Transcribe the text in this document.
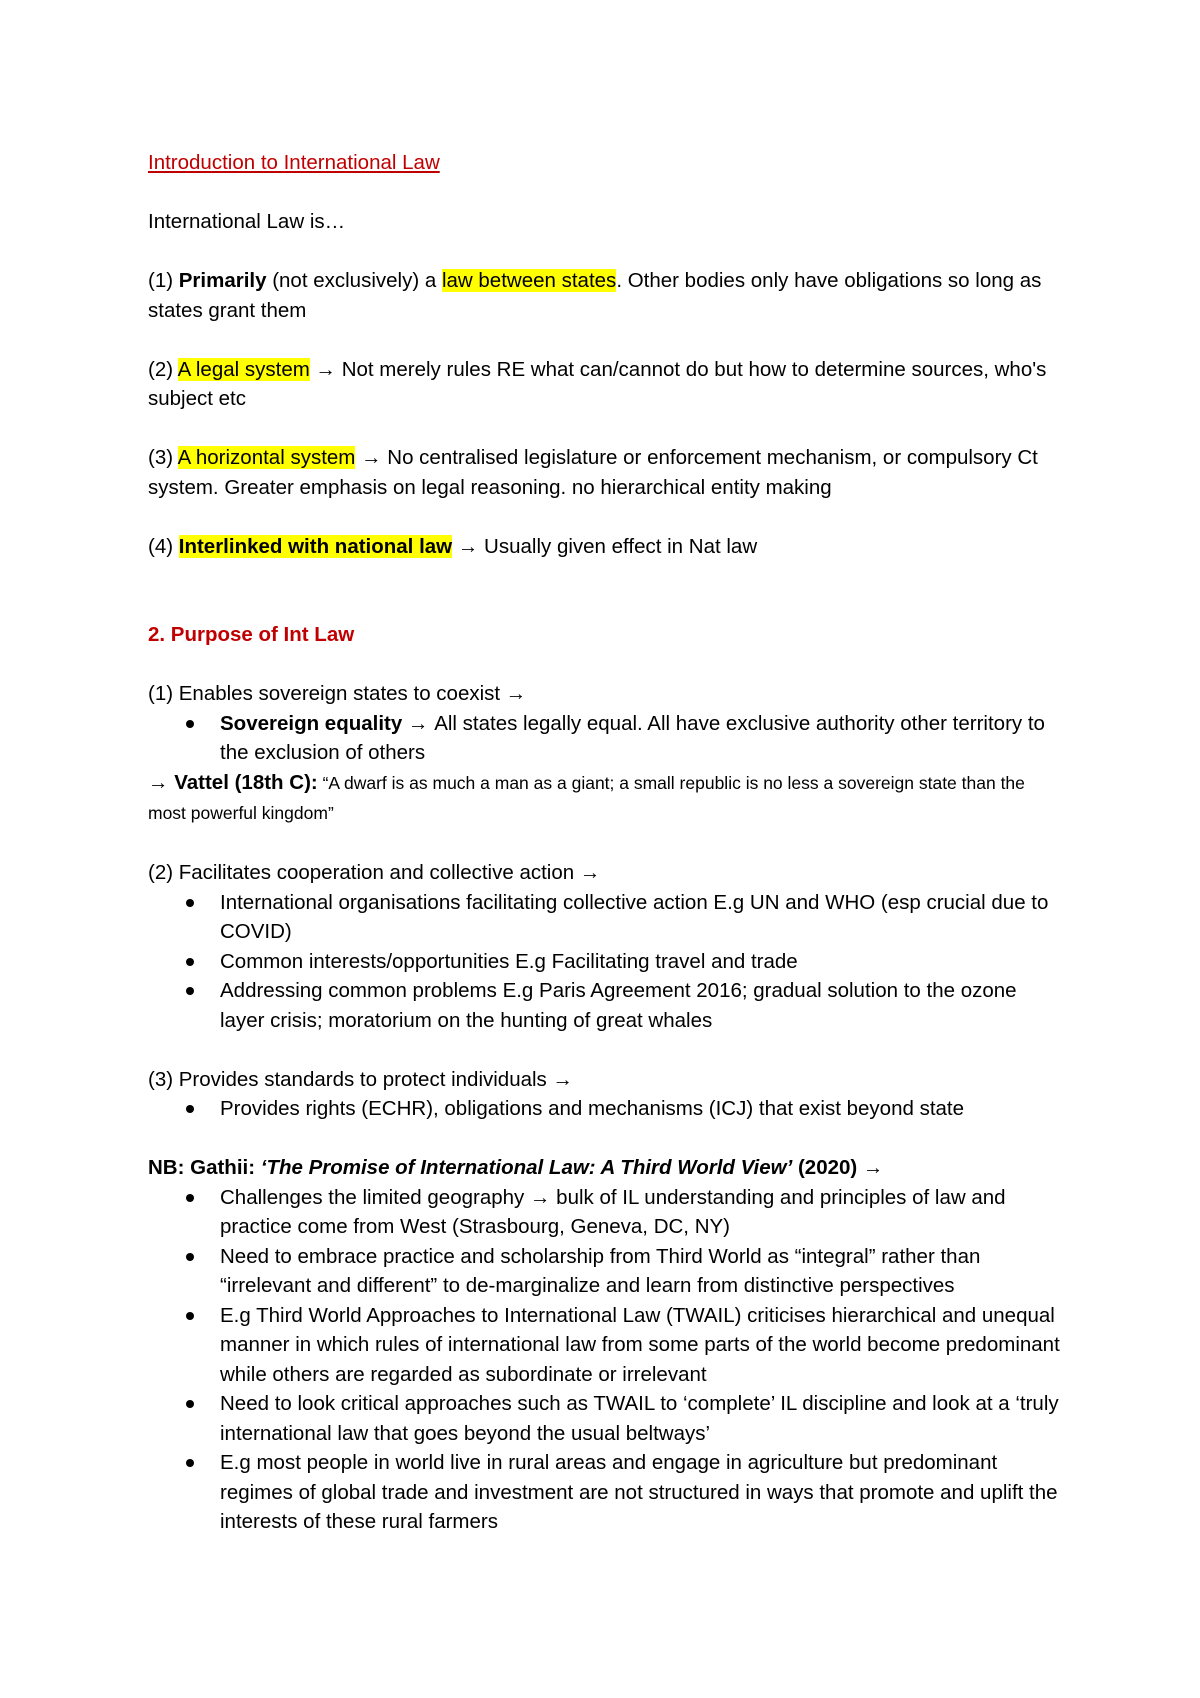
Introduction to International Law

International Law is…

(1) Primarily (not exclusively) a law between states. Other bodies only have obligations so long as states grant them

(2) A legal system → Not merely rules RE what can/cannot do but how to determine sources, who's subject etc

(3) A horizontal system → No centralised legislature or enforcement mechanism, or compulsory Ct system. Greater emphasis on legal reasoning. no hierarchical entity making

(4) Interlinked with national law → Usually given effect in Nat law

2. Purpose of Int Law

(1) Enables sovereign states to coexist →

Sovereign equality → All states legally equal. All have exclusive authority other territory to the exclusion of others

→ Vattel (18th C): “A dwarf is as much a man as a giant; a small republic is no less a sovereign state than the most powerful kingdom”

(2) Facilitates cooperation and collective action →

International organisations facilitating collective action E.g UN and WHO (esp crucial due to COVID)
Common interests/opportunities E.g Facilitating travel and trade
Addressing common problems E.g Paris Agreement 2016; gradual solution to the ozone layer crisis; moratorium on the hunting of great whales

(3) Provides standards to protect individuals →

Provides rights (ECHR), obligations and mechanisms (ICJ) that exist beyond state

NB: Gathii: ‘The Promise of International Law: A Third World View’ (2020) →

Challenges the limited geography → bulk of IL understanding and principles of law and practice come from West (Strasbourg, Geneva, DC, NY)
Need to embrace practice and scholarship from Third World as “integral” rather than “irrelevant and different” to de-marginalize and learn from distinctive perspectives
E.g Third World Approaches to International Law (TWAIL) criticises hierarchical and unequal manner in which rules of international law from some parts of the world become predominant while others are regarded as subordinate or irrelevant
Need to look critical approaches such as TWAIL to ‘complete’ IL discipline and look at a ‘truly international law that goes beyond the usual beltways’
E.g most people in world live in rural areas and engage in agriculture but predominant regimes of global trade and investment are not structured in ways that promote and uplift the interests of these rural farmers
